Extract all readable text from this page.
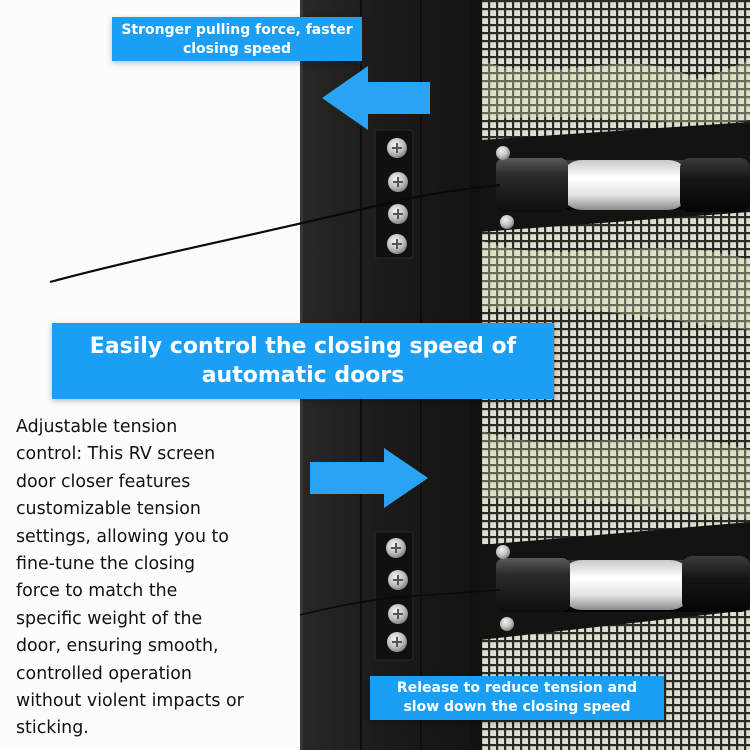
Stronger pulling force, faster
closing speed
Easily control the closing speed of
automatic doors
Release to reduce tension and
slow down the closing speed
Adjustable tension
control: This RV screen
door closer features
customizable tension
settings, allowing you to
fine-tune the closing
force to match the
specific weight of the
door, ensuring smooth,
controlled operation
without violent impacts or
sticking.
